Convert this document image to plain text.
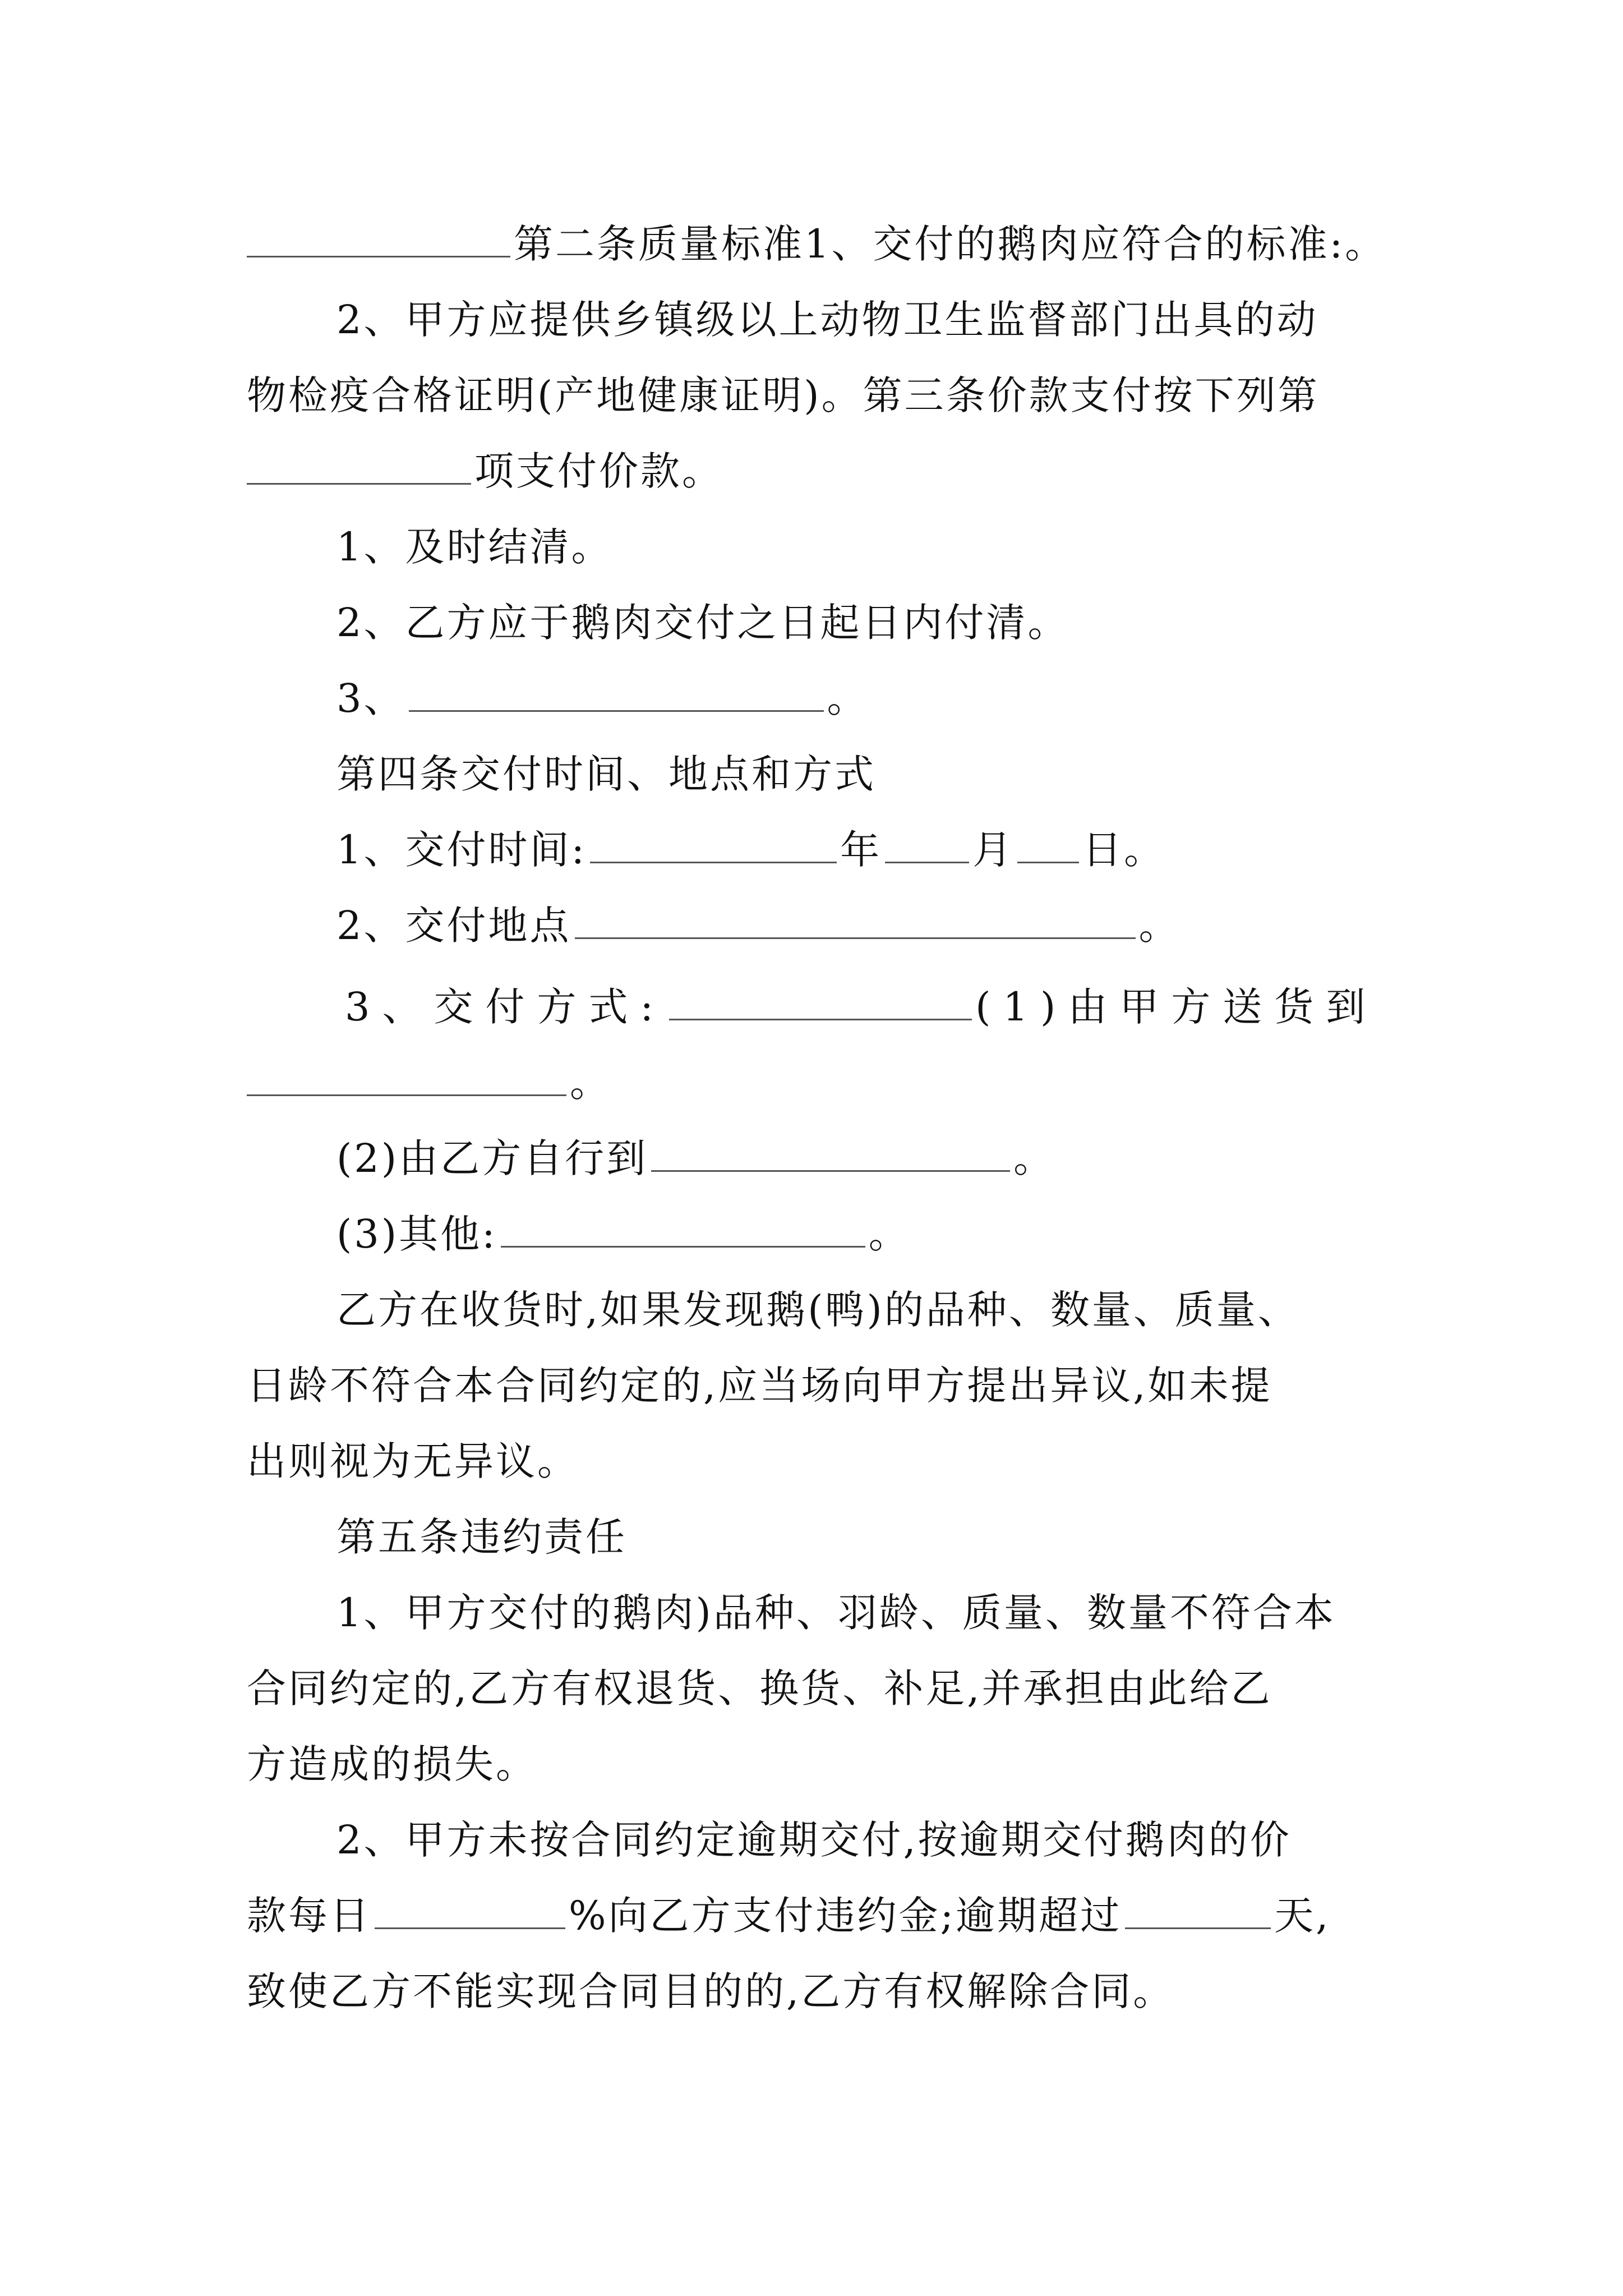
第二条质量标准1、交付的鹅肉应符合的标准:。
2、甲方应提供乡镇级以上动物卫生监督部门出具的动
物检疫合格证明(产地健康证明)。第三条价款支付按下列第
项支付价款。
1、及时结清。
2、乙方应于鹅肉交付之日起日内付清。
3、	。
第四条交付时间、地点和方式
1、交付时间:	年 月 日。
2、交付地点	。
3、交付方式:	(1)由甲方送货到
。
(2)由乙方自行到	。
(3)其他:	。
乙方在收货时,如果发现鹅(鸭)的品种、数量、质量、
日龄不符合本合同约定的,应当场向甲方提出异议,如未提
出则视为无异议。
第五条违约责任
1、甲方交付的鹅肉)品种、羽龄、质量、数量不符合本
合同约定的,乙方有权退货、换货、补足,并承担由此给乙
方造成的损失。
2、甲方未按合同约定逾期交付,按逾期交付鹅肉的价
款每日	%向乙方支付违约金;逾期超过	天,
致使乙方不能实现合同目的的,乙方有权解除合同。
